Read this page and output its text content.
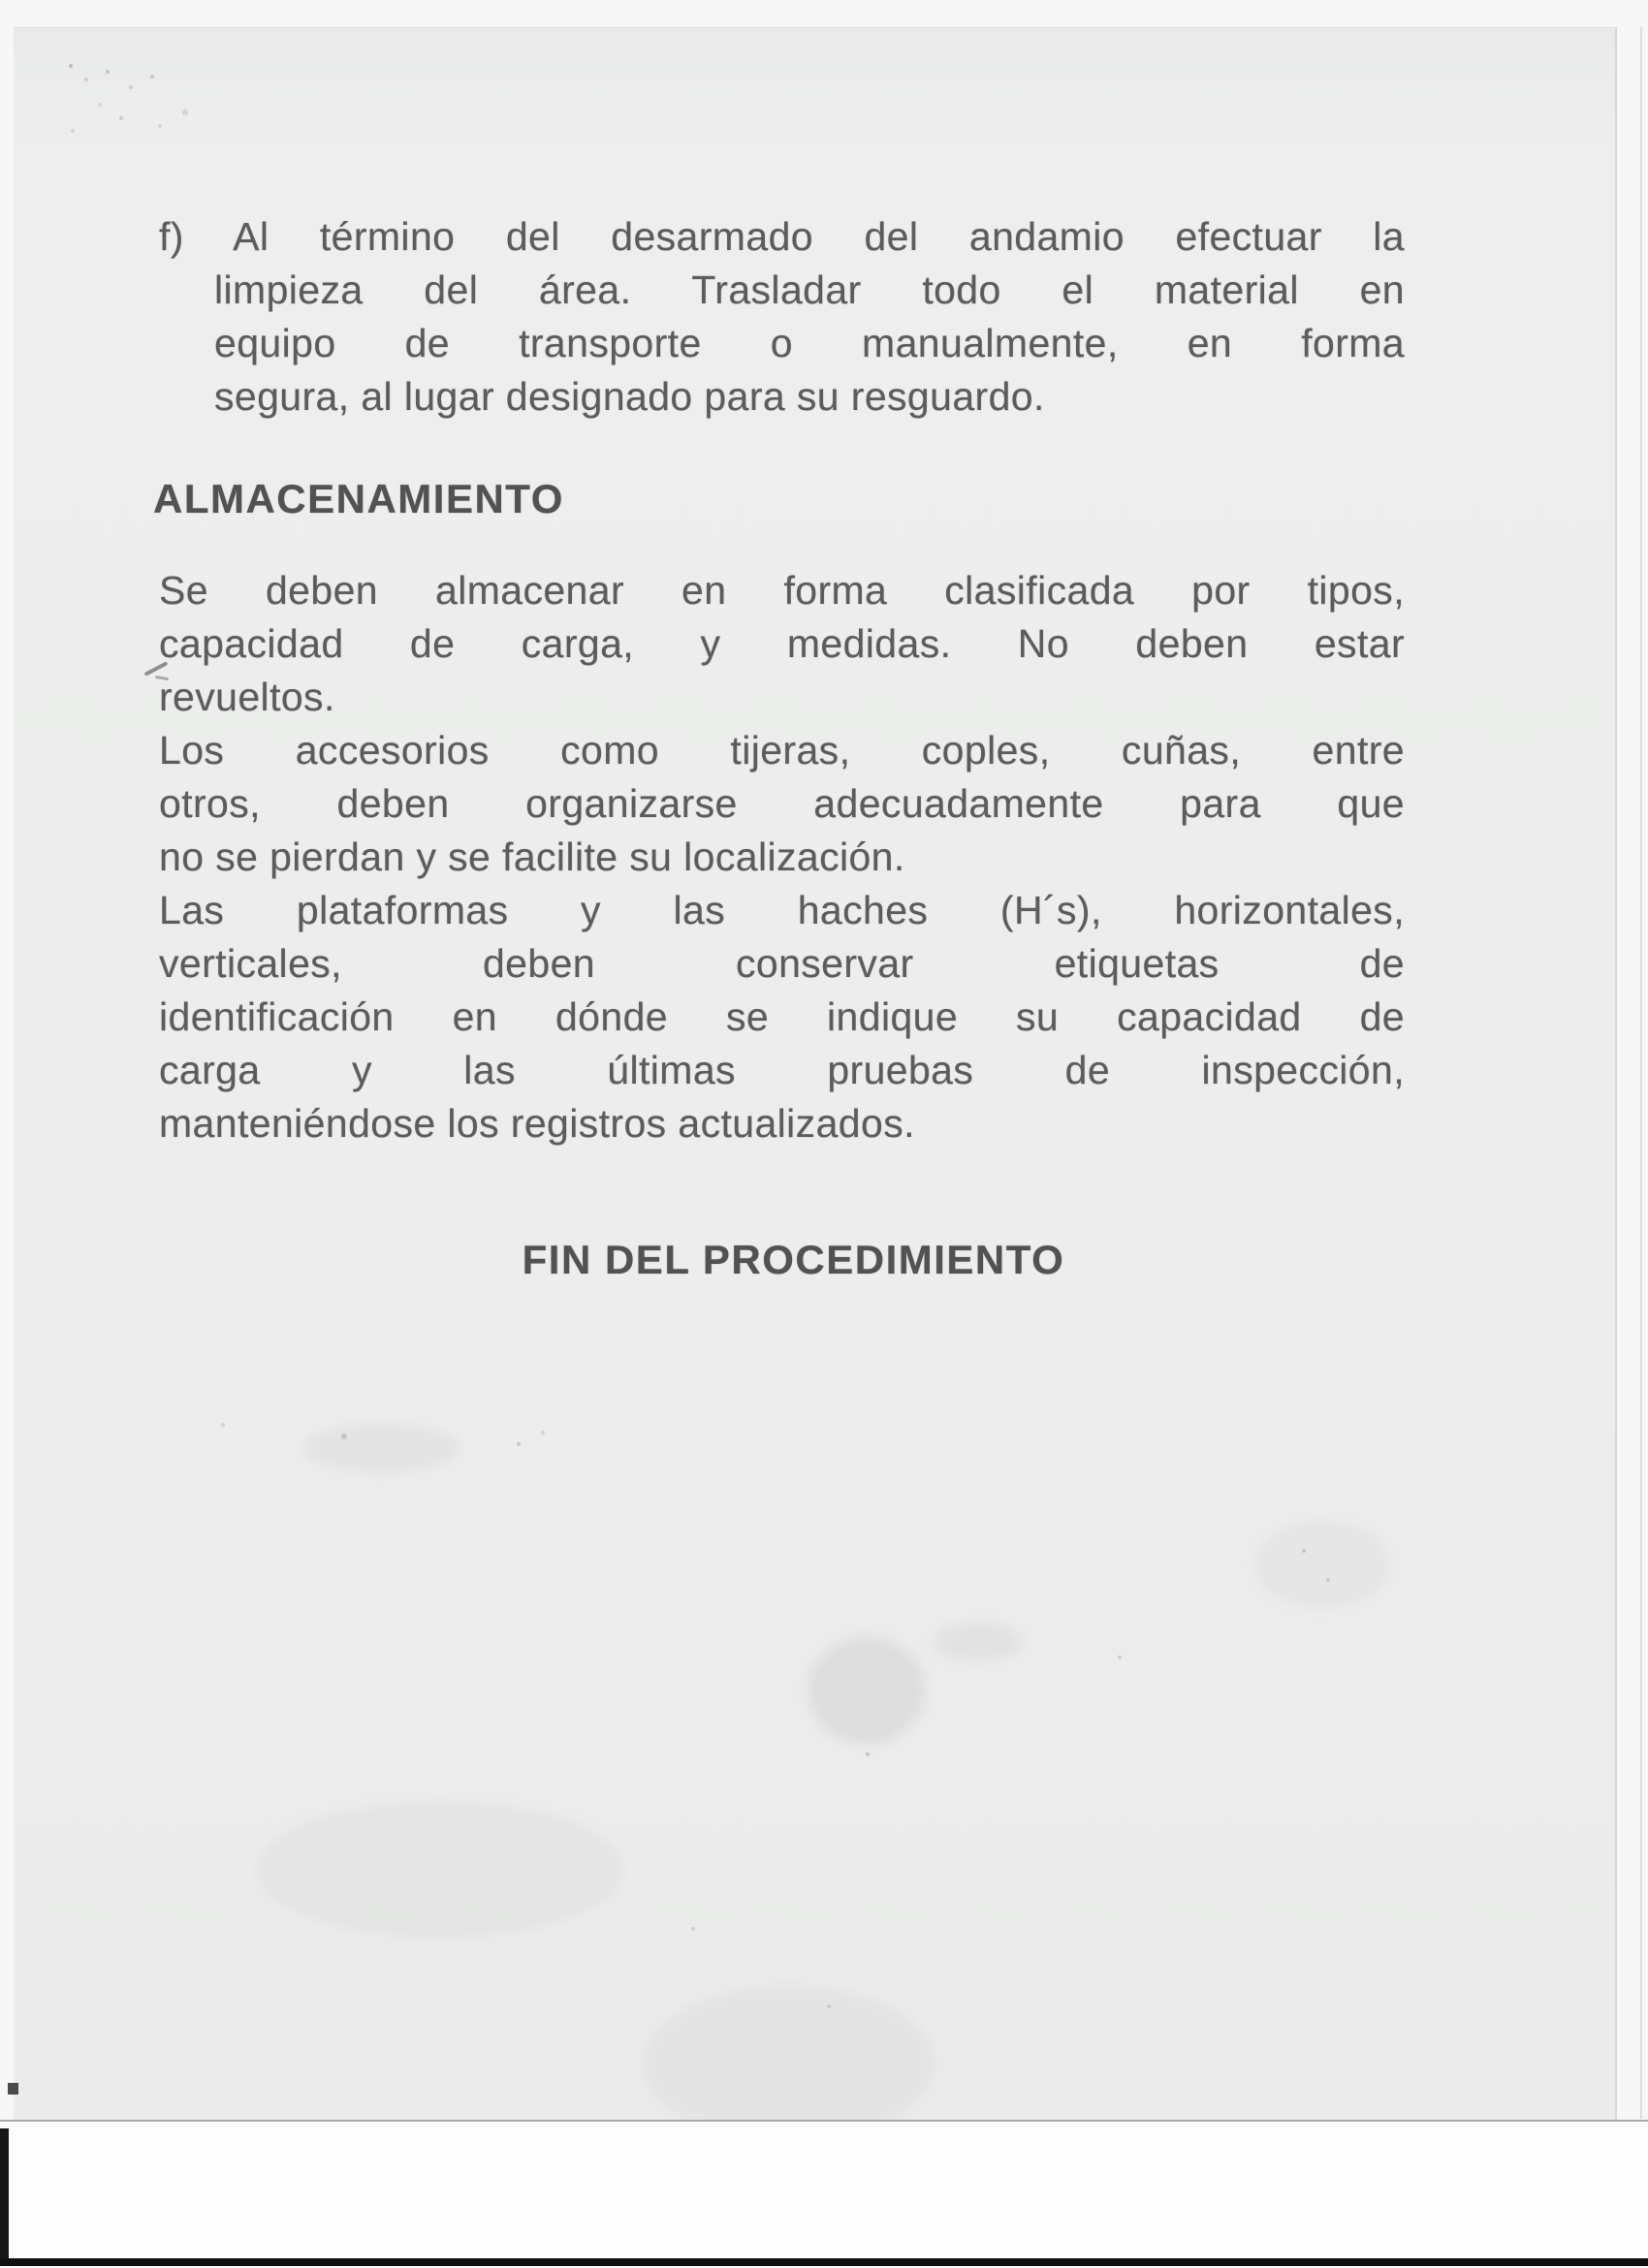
f) Al término del desarmado del andamio efectuar la
limpieza del área. Trasladar todo el material en
equipo de transporte o manualmente, en forma
segura, al lugar designado para su resguardo.
ALMACENAMIENTO
Se deben almacenar en forma clasificada por tipos,
capacidad de carga, y medidas. No deben estar
revueltos.
Los accesorios como tijeras, coples, cuñas, entre
otros, deben organizarse adecuadamente para que
no se pierdan y se facilite su localización.
Las plataformas y las haches (H´s), horizontales,
verticales, deben conservar etiquetas de
identificación en dónde se indique su capacidad de
carga y las últimas pruebas de inspección,
manteniéndose los registros actualizados.
FIN DEL PROCEDIMIENTO
